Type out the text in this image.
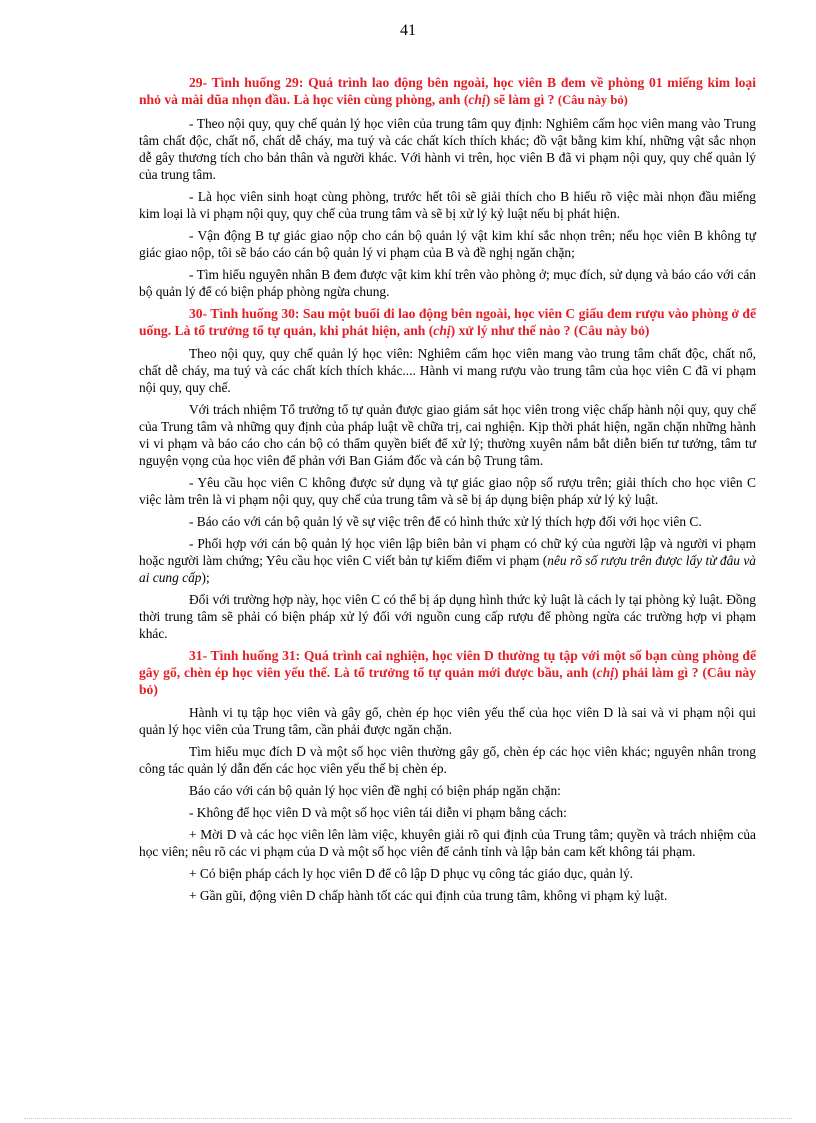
41

29- Tình huống 29: Quá trình lao động bên ngoài, học viên B đem về phòng 01 miếng kim loại nhỏ và mài dũa nhọn đầu. Là học viên cùng phòng, anh (chị) sẽ làm gì ? (Câu này bỏ)

- Theo nội quy, quy chế quản lý học viên của trung tâm quy định: Nghiêm cấm học viên mang vào Trung tâm chất độc, chất nổ, chất dễ cháy, ma tuý và các chất kích thích khác; đồ vật bằng kim khí, những vật sắc nhọn dễ gây thương tích cho bản thân và người khác. Với hành vi trên, học viên B đã vi phạm nội quy, quy chế quản lý của trung tâm.

- Là học viên sinh hoạt cùng phòng, trước hết tôi sẽ giải thích cho B hiểu rõ việc mài nhọn đầu miếng kim loại là vi phạm nội quy, quy chế của trung tâm và sẽ bị xử lý kỷ luật nếu bị phát hiện.

- Vận động B tự giác giao nộp cho cán bộ quản lý vật kim khí sắc nhọn trên; nếu học viên B không tự giác giao nộp, tôi sẽ báo cáo cán bộ quản lý vi phạm của B và đề nghị ngăn chặn;

- Tìm hiểu nguyên nhân B đem được vật kim khí trên vào phòng ở; mục đích, sử dụng và báo cáo với cán bộ quản lý để có biện pháp phòng ngừa chung.

30- Tình huống 30: Sau một buổi đi lao động bên ngoài, học viên C giấu đem rượu vào phòng ở để uống. Là tổ trưởng tổ tự quản, khi phát hiện, anh (chị) xử lý như thế nào ? (Câu này bỏ)

Theo nội quy, quy chế quản lý học viên: Nghiêm cấm học viên mang vào trung tâm chất độc, chất nổ, chất dễ cháy, ma tuý và các chất kích thích khác.... Hành vi mang rượu vào trung tâm của học viên C đã vi phạm nội quy, quy chế.

Với trách nhiệm Tổ trưởng tổ tự quản được giao giám sát học viên trong việc chấp hành nội quy, quy chế của Trung tâm và những quy định của pháp luật về chữa trị, cai nghiện. Kịp thời phát hiện, ngăn chặn những hành vi vi phạm và báo cáo cho cán bộ có thẩm quyền biết để xử lý; thường xuyên nắm bắt diễn biến tư tưởng, tâm tư nguyện vọng của học viên để phản với Ban Giám đốc và cán bộ Trung tâm.

- Yêu cầu học viên C không được sử dụng và tự giác giao nộp số rượu trên; giải thích cho học viên C việc làm trên là vi phạm nội quy, quy chế của trung tâm và sẽ bị áp dụng biện pháp xử lý kỷ luật.

- Báo cáo với cán bộ quản lý về sự việc trên để có hình thức xử lý thích hợp đối với học viên C.

- Phối hợp với cán bộ quản lý học viên lập biên bản vi phạm có chữ ký của người lập và người vi phạm hoặc người làm chứng; Yêu cầu học viên C viết bản tự kiểm điểm vi phạm (nêu rõ số rượu trên được lấy từ đâu và ai cung cấp);

Đối với trường hợp này, học viên C có thể bị áp dụng hình thức kỷ luật là cách ly tại phòng kỷ luật. Đồng thời trung tâm sẽ phải có biện pháp xử lý đối với nguồn cung cấp rượu để phòng ngừa các trường hợp vi phạm khác.

31- Tình huống 31: Quá trình cai nghiện, học viên D thường tụ tập với một số bạn cùng phòng để gây gổ, chèn ép học viên yếu thế. Là tổ trưởng tổ tự quản mới được bầu, anh (chị) phải làm gì ? (Câu này bỏ)

Hành vi tụ tập học viên và gây gổ, chèn ép học viên yếu thế của học viên D là sai và vi phạm nội qui quản lý học viên của Trung tâm, cần phải được ngăn chặn.

Tìm hiểu mục đích D và một số học viên thường gây gổ, chèn ép các học viên khác; nguyên nhân trong công tác quản lý dẫn đến các học viên yếu thế bị chèn ép.

Báo cáo với cán bộ quản lý học viên đề nghị có biện pháp ngăn chặn:

- Không để học viên D và một số học viên tái diễn vi phạm bằng cách:

+ Mời D và các học viên lên làm việc, khuyên giải rõ qui định của Trung tâm; quyền và trách nhiệm của học viên; nêu rõ các vi phạm của D và một số học viên để cảnh tỉnh và lập bản cam kết không tái phạm.

+ Có biện pháp cách ly học viên D để cô lập D phục vụ công tác giáo dục, quản lý.

+ Gần gũi, động viên D chấp hành tốt các qui định của trung tâm, không vi phạm kỷ luật.
